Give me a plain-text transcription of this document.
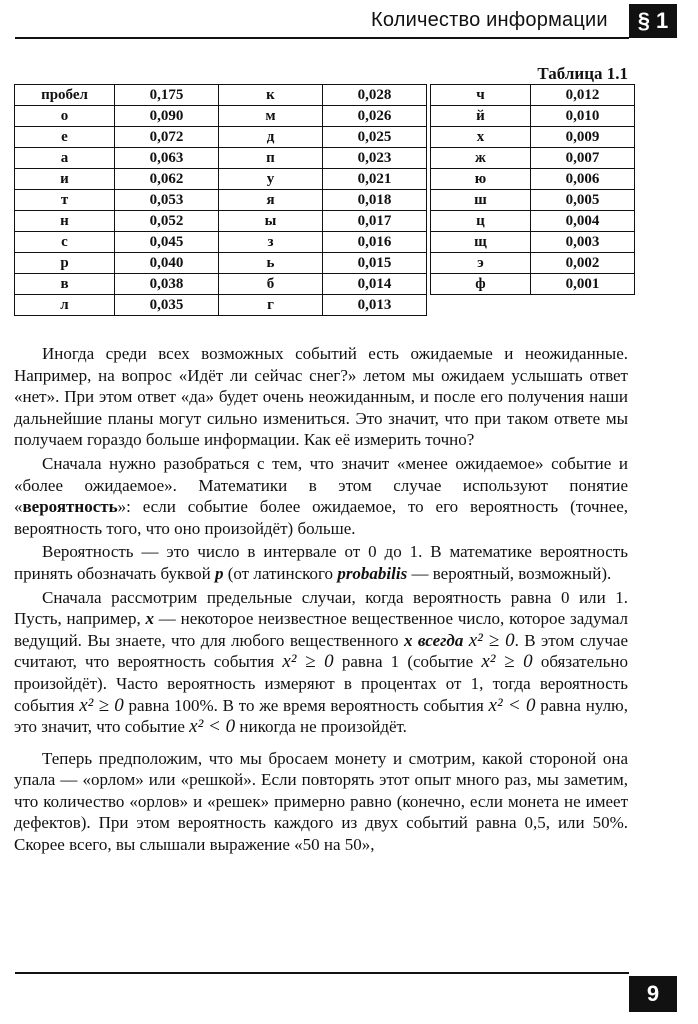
Количество информации	§ 1
Таблица 1.1
пробел	0,175	к	0,028		ч	0,012
о	0,090	м	0,026		й	0,010
е	0,072	д	0,025		х	0,009
а	0,063	п	0,023		ж	0,007
и	0,062	у	0,021		ю	0,006
т	0,053	я	0,018		ш	0,005
н	0,052	ы	0,017		ц	0,004
с	0,045	з	0,016		щ	0,003
р	0,040	ь	0,015		э	0,002
в	0,038	б	0,014		ф	0,001
л	0,035	г	0,013			

Иногда среди всех возможных событий есть ожидаемые и неожиданные. Например, на вопрос «Идёт ли сейчас снег?» летом мы ожидаем услышать ответ «нет». При этом ответ «да» будет очень неожиданным, и после его получения наши дальнейшие планы могут сильно измениться. Это значит, что при таком ответе мы получаем гораздо больше информации. Как её измерить точно?

Сначала нужно разобраться с тем, что значит «менее ожидаемое» событие и «более ожидаемое». Математики в этом случае используют понятие «вероятность»: если событие более ожидаемое, то его вероятность (точнее, вероятность того, что оно произойдёт) больше.

Вероятность — это число в интервале от 0 до 1. В математике вероятность принять обозначать буквой p (от латинского probabilis — вероятный, возможный).

Сначала рассмотрим предельные случаи, когда вероятность равна 0 или 1. Пусть, например, x — некоторое неизвестное вещественное число, которое задумал ведущий. Вы знаете, что для любого вещественного x всегда x² ≥ 0. В этом случае считают, что вероятность события x² ≥ 0 равна 1 (событие x² ≥ 0 обязательно произойдёт). Часто вероятность измеряют в процентах от 1, тогда вероятность события x² ≥ 0 равна 100%. В то же время вероятность события x² < 0 равна нулю, это значит, что событие x² < 0 никогда не произойдёт.

Теперь предположим, что мы бросаем монету и смотрим, какой стороной она упала — «орлом» или «решкой». Если повторять этот опыт много раз, мы заметим, что количество «орлов» и «решек» примерно равно (конечно, если монета не имеет дефектов). При этом вероятность каждого из двух событий равна 0,5, или 50%. Скорее всего, вы слышали выражение «50 на 50»,

9
